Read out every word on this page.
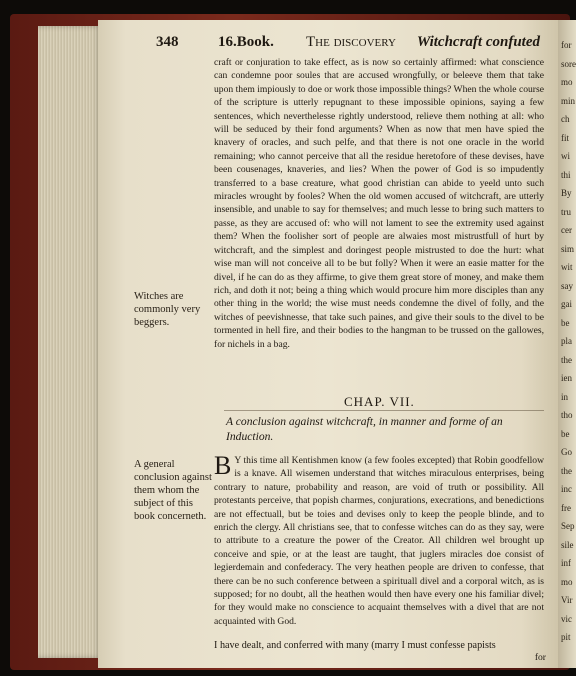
348	16.Book. The discovery Witchcraft confuted
craft or conjuration to take effect, as is now so certainly affirmed: what conscience can condemne poor soules that are accused wrongfully, or beleeve them that take upon them impiously to doe or work those impossible things? When the whole course of the scripture is utterly repugnant to these impossible opinions, saying a few sentences, which neverthelesse rightly understood, relieve them nothing at all: who will be seduced by their fond arguments? When as now that men have spied the knavery of oracles, and such pelfe, and that there is not one oracle in the world remaining; who cannot perceive that all the residue heretofore of these devises, have been cousenages, knaveries, and lies? When the power of God is so impudently transferred to a base creature, what good christian can abide to yeeld unto such miracles wrought by fooles? When the old women accused of witchcraft, are utterly insensible, and unable to say for themselves; and much lesse to bring such matters to passe, as they are accused of: who will not lament to see the extremity used against them? When the foolisher sort of people are alwaies most mistrustfull of hurt by witchcraft, and the simplest and doringest people mistrusted to doe the hurt: what wise man will not conceive all to be but folly? When it were an easie matter for the divel, if he can do as they affirme, to give them great store of money, and make them rich, and doth it not; being a thing which would procure him more disciples than any other thing in the world; the wise must needs condemne the divel of folly, and the witches of peevishnesse, that take such paines, and give their souls to the divel to be tormented in hell fire, and their bodies to the hangman to be trussed on the gallowes, for nichels in a bag.
Witches are commonly very beggers.
CHAP. VII.
A conclusion against witchcraft, in manner and forme of an Induction.
A general conclusion against them whom the subject of this book concerneth.
B Y this time all Kentishmen know (a few fooles excepted) that Robin goodfellow is a knave. All wisemen understand that witches miraculous enterprises, being contrary to nature, probability and reason, are void of truth or possibility. All protestants perceive, that popish charmes, conjurations, execrations, and benedictions are not effectuall, but be toies and devises only to keep the people blinde, and to enrich the clergy. All christians see, that to confesse witches can do as they say, were to attribute to a creature the power of the Creator. All children wel brought up conceive and spie, or at the least are taught, that juglers miracles doe consist of legierdemain and confederacy. The very heathen people are driven to confesse, that there can be no such conference between a spirituall divel and a corporal witch, as is supposed; for no doubt, all the heathen would then have every one his familiar divel; for they would make no conscience to acquaint themselves with a divel that are not acquainted with God.
I have dealt, and conferred with many (marry I must confesse papists
for
for
sore
mo
min
ch
fit
wi
thi
By
tru
cer
sim
wit
say
gai
be
pla
the
ien
in
tho
be
Go
the
inc
fre
Sep
sile
inf
mo
Vir
vic
pit
